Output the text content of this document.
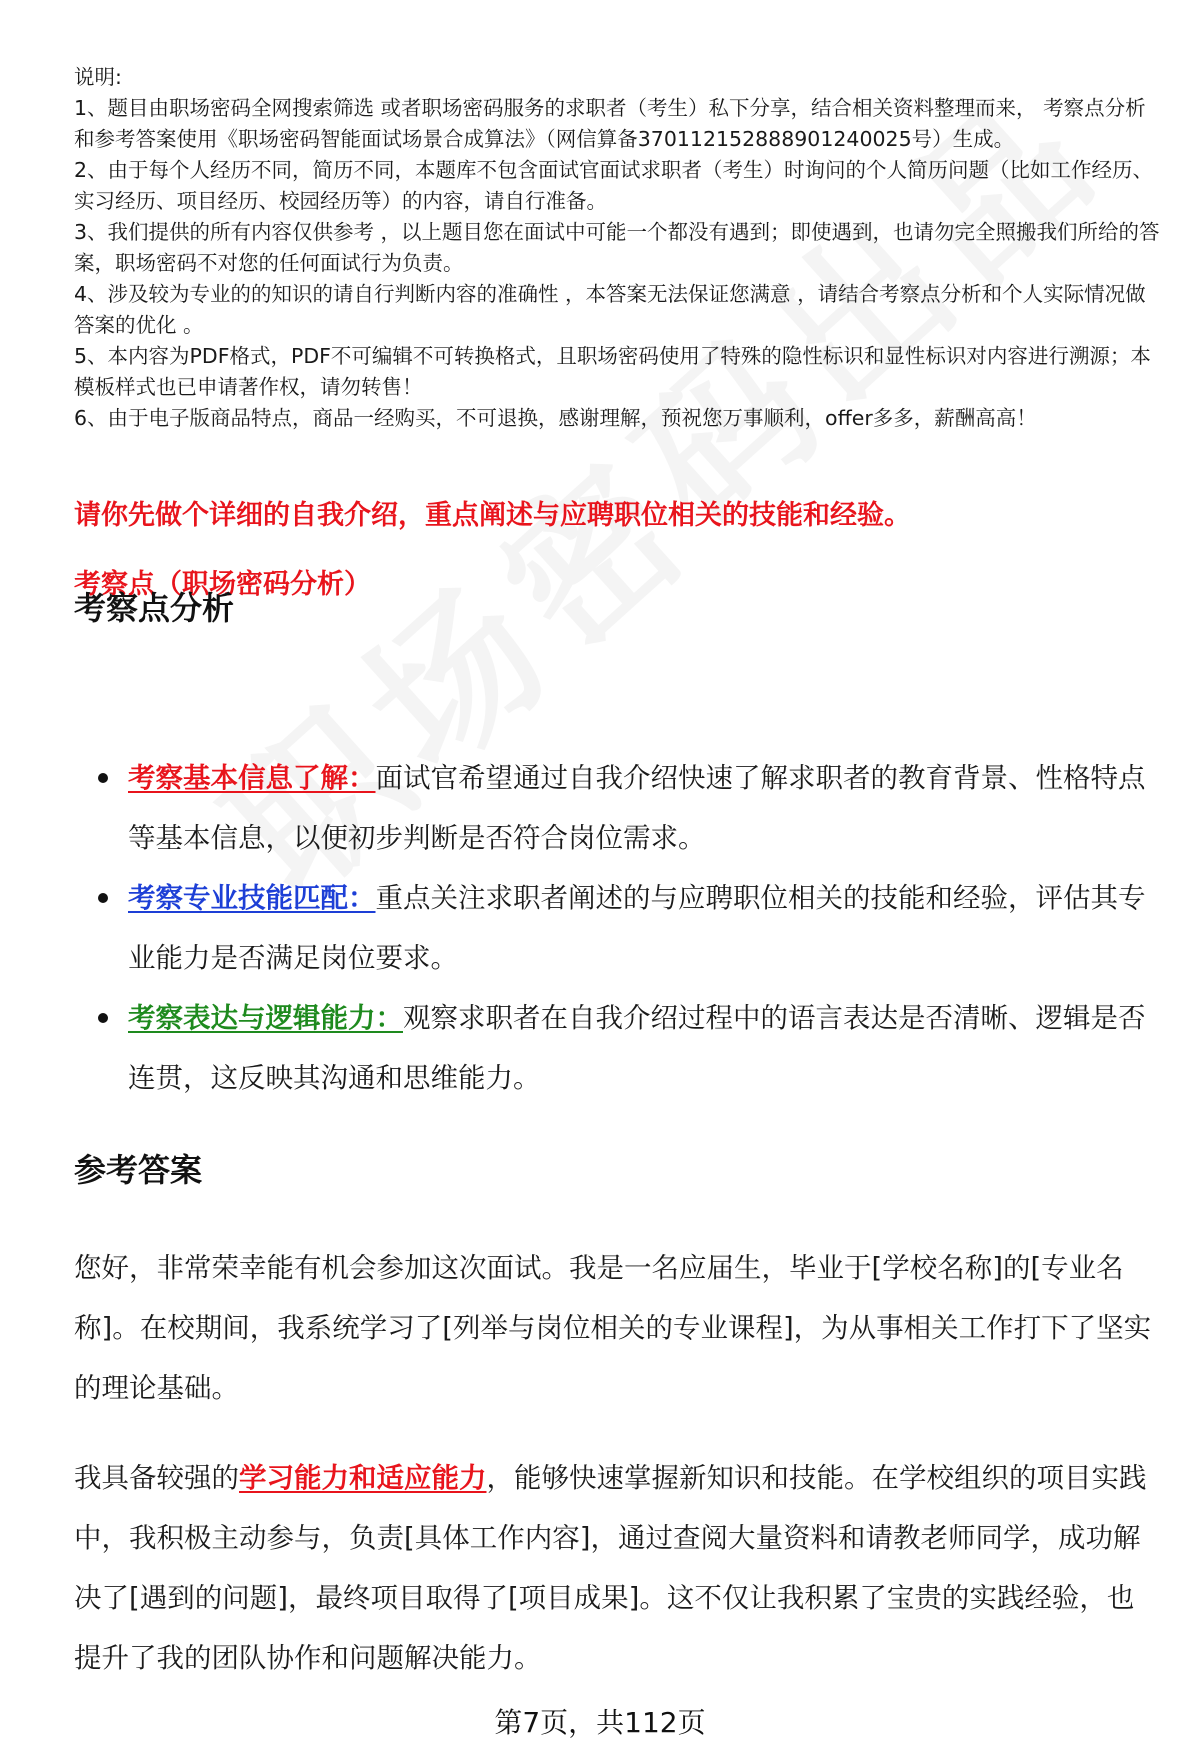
说明:

1、题目由职场密码全网搜索筛选 或者职场密码服务的求职者（考生）私下分享，结合相关资料整理而来， 考察点分析和参考答案使用《职场密码智能面试场景合成算法》（网信算备370112152888901240025号）生成。

2、由于每个人经历不同，简历不同，本题库不包含面试官面试求职者（考生）时询问的个人简历问题（比如工作经历、实习经历、项目经历、校园经历等）的内容，请自行准备。

3、我们提供的所有内容仅供参考 ，以上题目您在面试中可能一个都没有遇到；即使遇到，也请勿完全照搬我们所给的答案，职场密码不对您的任何面试行为负责。

4、涉及较为专业的的知识的请自行判断内容的准确性 ，本答案无法保证您满意 ，请结合考察点分析和个人实际情况做答案的优化 。

5、本内容为PDF格式，PDF不可编辑不可转换格式，且职场密码使用了特殊的隐性标识和显性标识对内容进行溯源；本模板样式也已申请著作权，请勿转售！

6、由于电子版商品特点，商品一经购买，不可退换，感谢理解，预祝您万事顺利，offer多多，薪酬高高！

请你先做个详细的自我介绍，重点阐述与应聘职位相关的技能和经验。

考察点（职场密码分析）

考察点分析
考察基本信息了解：面试官希望通过自我介绍快速了解求职者的教育背景、性格特点等基本信息，以便初步判断是否符合岗位需求。
考察专业技能匹配：重点关注求职者阐述的与应聘职位相关的技能和经验，评估其专业能力是否满足岗位要求。
考察表达与逻辑能力：观察求职者在自我介绍过程中的语言表达是否清晰、逻辑是否连贯，这反映其沟通和思维能力。
参考答案

您好，非常荣幸能有机会参加这次面试。我是一名应届生，毕业于[学校名称]的[专业名称]。在校期间，我系统学习了[列举与岗位相关的专业课程]，为从事相关工作打下了坚实的理论基础。

我具备较强的学习能力和适应能力，能够快速掌握新知识和技能。在学校组织的项目实践中，我积极主动参与，负责[具体工作内容]，通过查阅大量资料和请教老师同学，成功解决了[遇到的问题]，最终项目取得了[项目成果]。这不仅让我积累了宝贵的实践经验，也提升了我的团队协作和问题解决能力。

第7页，共112页
